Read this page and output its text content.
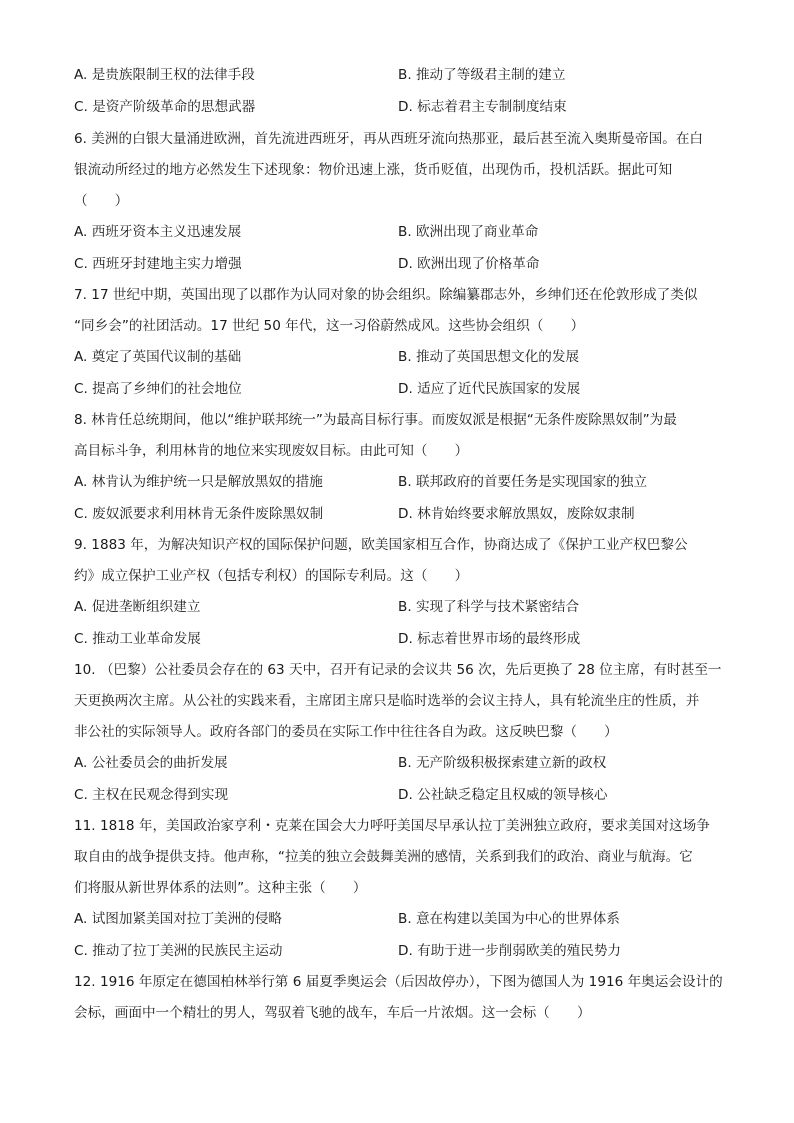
A. 是贵族限制王权的法律手段	B. 推动了等级君主制的建立
C. 是资产阶级革命的思想武器	D. 标志着君主专制制度结束
6. 美洲的白银大量涌进欧洲，首先流进西班牙，再从西班牙流向热那亚，最后甚至流入奥斯曼帝国。在白
银流动所经过的地方必然发生下述现象：物价迅速上涨，货币贬值，出现伪币，投机活跃。据此可知
（　　）
A. 西班牙资本主义迅速发展	B. 欧洲出现了商业革命
C. 西班牙封建地主实力增强	D. 欧洲出现了价格革命
7. 17 世纪中期，英国出现了以郡作为认同对象的协会组织。除编纂郡志外，乡绅们还在伦敦形成了类似
“同乡会”的社团活动。17 世纪 50 年代，这一习俗蔚然成风。这些协会组织（　　）
A. 奠定了英国代议制的基础	B. 推动了英国思想文化的发展
C. 提高了乡绅们的社会地位	D. 适应了近代民族国家的发展
8. 林肯任总统期间，他以“维护联邦统一”为最高目标行事。而废奴派是根据“无条件废除黑奴制”为最
高目标斗争，利用林肯的地位来实现废奴目标。由此可知（　　）
A. 林肯认为维护统一只是解放黑奴的措施	B. 联邦政府的首要任务是实现国家的独立
C. 废奴派要求利用林肯无条件废除黑奴制	D. 林肯始终要求解放黑奴，废除奴隶制
9. 1883 年，为解决知识产权的国际保护问题，欧美国家相互合作，协商达成了《保护工业产权巴黎公
约》成立保护工业产权（包括专利权）的国际专利局。这（　　）
A. 促进垄断组织建立	B. 实现了科学与技术紧密结合
C. 推动工业革命发展	D. 标志着世界市场的最终形成
10. （巴黎）公社委员会存在的 63 天中，召开有记录的会议共 56 次，先后更换了 28 位主席，有时甚至一
天更换两次主席。从公社的实践来看，主席团主席只是临时选举的会议主持人，具有轮流坐庄的性质，并
非公社的实际领导人。政府各部门的委员在实际工作中往往各自为政。这反映巴黎（　　）
A. 公社委员会的曲折发展	B. 无产阶级积极探索建立新的政权
C. 主权在民观念得到实现	D. 公社缺乏稳定且权威的领导核心
11. 1818 年，美国政治家亨利・克莱在国会大力呼吁美国尽早承认拉丁美洲独立政府，要求美国对这场争
取自由的战争提供支持。他声称，“拉美的独立会鼓舞美洲的感情，关系到我们的政治、商业与航海。它
们将服从新世界体系的法则”。这种主张（　　）
A. 试图加紧美国对拉丁美洲的侵略	B. 意在构建以美国为中心的世界体系
C. 推动了拉丁美洲的民族民主运动	D. 有助于进一步削弱欧美的殖民势力
12. 1916 年原定在德国柏林举行第 6 届夏季奥运会（后因故停办），下图为德国人为 1916 年奥运会设计的
会标，画面中一个精壮的男人，驾驭着飞驰的战车，车后一片浓烟。这一会标（　　）
